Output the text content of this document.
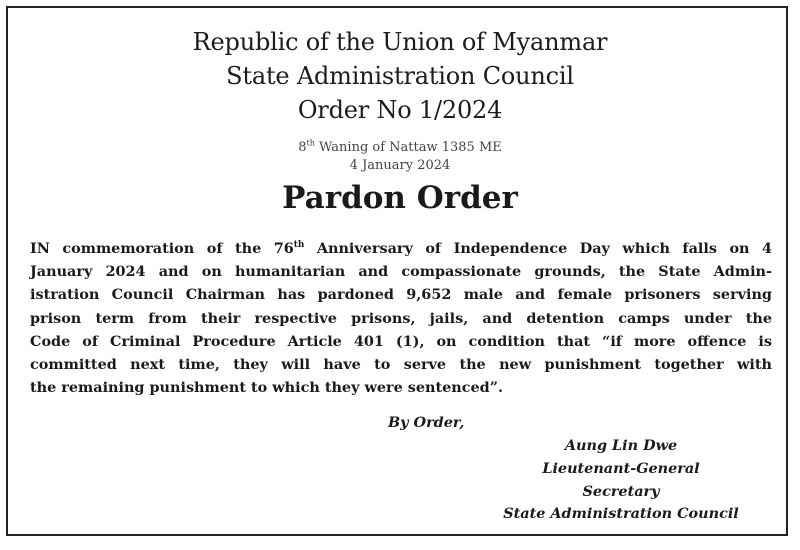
Republic of the Union of Myanmar
State Administration Council
Order No 1/2024
8th Waning of Nattaw 1385 ME
4 January 2024
Pardon Order
IN commemoration of the 76th Anniversary of Independence Day which falls on 4
January 2024 and on humanitarian and compassionate grounds, the State Admin-
istration Council Chairman has pardoned 9,652 male and female prisoners serving
prison term from their respective prisons, jails, and detention camps under the
Code of Criminal Procedure Article 401 (1), on condition that “if more offence is
committed next time, they will have to serve the new punishment together with
the remaining punishment to which they were sentenced”.
By Order,
Aung Lin Dwe
Lieutenant-General
Secretary
State Administration Council
